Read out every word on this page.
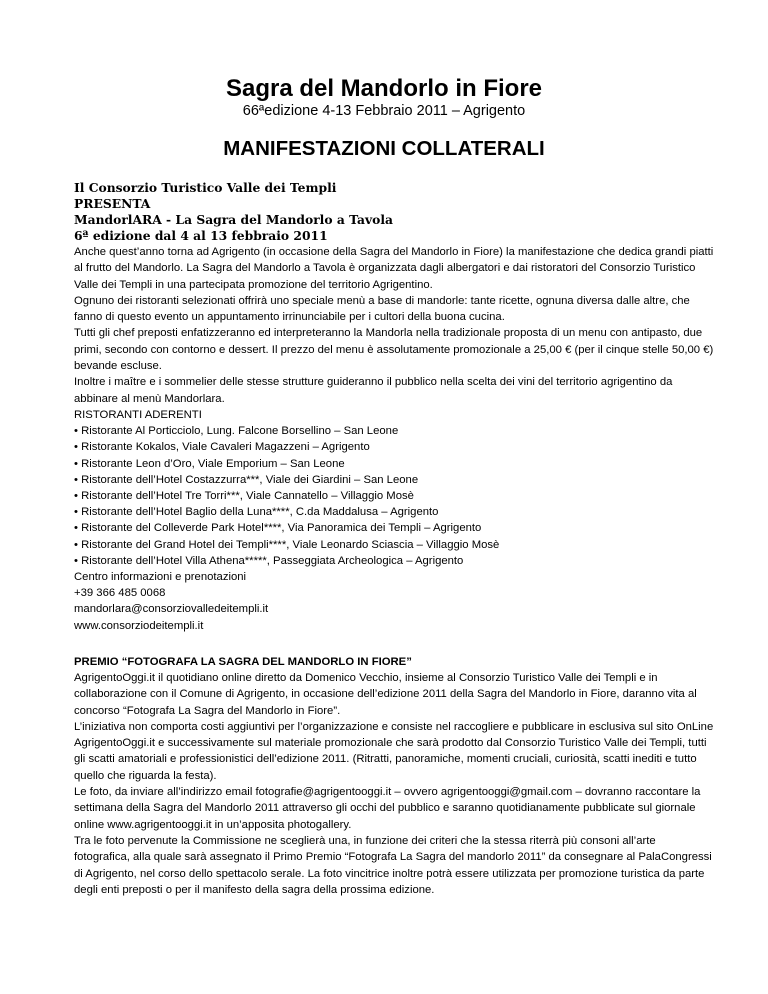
Sagra del Mandorlo in Fiore

66ªedizione 4-13 Febbraio 2011 – Agrigento

MANIFESTAZIONI COLLATERALI

Il Consorzio Turistico Valle dei Templi

PRESENTA

MandorlARA - La Sagra del Mandorlo a Tavola

6ª edizione dal 4 al 13 febbraio 2011

Anche quest’anno torna ad Agrigento (in occasione della Sagra del Mandorlo in Fiore) la manifestazione che dedica grandi piatti al frutto del Mandorlo. La Sagra del Mandorlo a Tavola è organizzata dagli albergatori e dai ristoratori del Consorzio Turistico Valle dei Templi in una partecipata promozione del territorio Agrigentino.

Ognuno dei ristoranti selezionati offrirà uno speciale menù a base di mandorle: tante ricette, ognuna diversa dalle altre, che fanno di questo evento un appuntamento irrinunciabile per i cultori della buona cucina.

Tutti gli chef preposti enfatizzeranno ed interpreteranno la Mandorla nella tradizionale proposta di un menu con antipasto, due primi, secondo con contorno e dessert. Il prezzo del menu è assolutamente promozionale a 25,00 € (per il cinque stelle 50,00 €) bevande escluse.

Inoltre i maître e i sommelier delle stesse strutture guideranno il pubblico nella scelta dei vini del territorio agrigentino da abbinare al menù Mandorlara.

RISTORANTI ADERENTI

• Ristorante Al Porticciolo, Lung. Falcone Borsellino – San Leone

• Ristorante Kokalos, Viale Cavaleri Magazzeni – Agrigento

• Ristorante Leon d’Oro, Viale Emporium – San Leone

• Ristorante dell’Hotel Costazzurra***, Viale dei Giardini – San Leone

• Ristorante dell’Hotel Tre Torri***, Viale Cannatello – Villaggio Mosè

• Ristorante dell’Hotel Baglio della Luna****, C.da Maddalusa – Agrigento

• Ristorante del Colleverde Park Hotel****, Via Panoramica dei Templi – Agrigento

• Ristorante del Grand Hotel dei Templi****, Viale Leonardo Sciascia – Villaggio Mosè

• Ristorante dell’Hotel Villa Athena*****, Passeggiata Archeologica – Agrigento

Centro informazioni e prenotazioni

+39 366 485 0068

mandorlara@consorziovalledeitempli.it

www.consorziodeitempli.it

PREMIO “FOTOGRAFA LA SAGRA DEL MANDORLO IN FIORE”

AgrigentoOggi.it il quotidiano online diretto da Domenico Vecchio, insieme al Consorzio Turistico Valle dei Templi e in collaborazione con il Comune di Agrigento, in occasione dell’edizione 2011 della Sagra del Mandorlo in Fiore, daranno vita al concorso “Fotografa La Sagra del Mandorlo in Fiore”.

L’iniziativa non comporta costi aggiuntivi per l’organizzazione e consiste nel raccogliere e pubblicare in esclusiva sul sito OnLine AgrigentoOggi.it e successivamente sul materiale promozionale che sarà prodotto dal Consorzio Turistico Valle dei Templi, tutti gli scatti amatoriali e professionistici dell’edizione 2011. (Ritratti, panoramiche, momenti cruciali, curiosità, scatti inediti e tutto quello che riguarda la festa).

Le foto, da inviare all’indirizzo email fotografie@agrigentooggi.it – ovvero agrigentooggi@gmail.com – dovranno raccontare la settimana della Sagra del Mandorlo 2011 attraverso gli occhi del pubblico e saranno quotidianamente pubblicate sul giornale online www.agrigentooggi.it in un’apposita photogallery.

Tra le foto pervenute la Commissione ne sceglierà una, in funzione dei criteri che la stessa riterrà più consoni all’arte fotografica, alla quale sarà assegnato il Primo Premio “Fotografa La Sagra del mandorlo 2011” da consegnare al PalaCongressi di Agrigento, nel corso dello spettacolo serale. La foto vincitrice inoltre potrà essere utilizzata per promozione turistica da parte degli enti preposti o per il manifesto della sagra della prossima edizione.
